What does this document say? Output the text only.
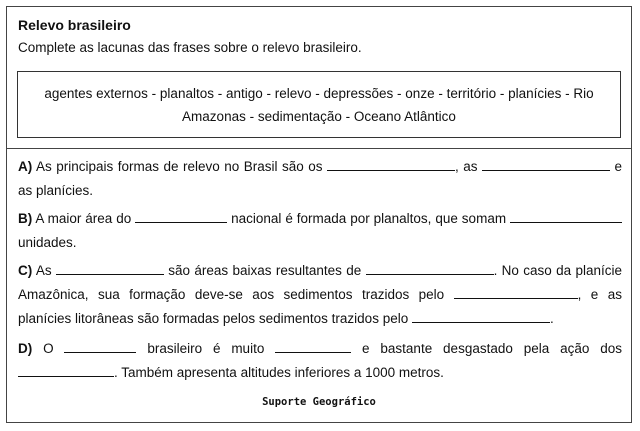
Relevo brasileiro
Complete as lacunas das frases sobre o relevo brasileiro.
agentes externos - planaltos - antigo - relevo - depressões - onze - território - planícies - Rio
Amazonas - sedimentação - Oceano Atlântico
A) As principais formas de relevo no Brasil são os	, as	e as planícies.
B) A maior área do	nacional é formada por planaltos, que somam  unidades.
C) As	são áreas baixas resultantes de	. No caso da planície Amazônica, sua formação deve-se aos sedimentos trazidos pelo	, e as planícies litorâneas são formadas pelos sedimentos trazidos pelo	.
D) O	brasileiro é muito	e bastante desgastado pela ação dos . Também apresenta altitudes inferiores a 1000 metros.
Suporte Geográfico
